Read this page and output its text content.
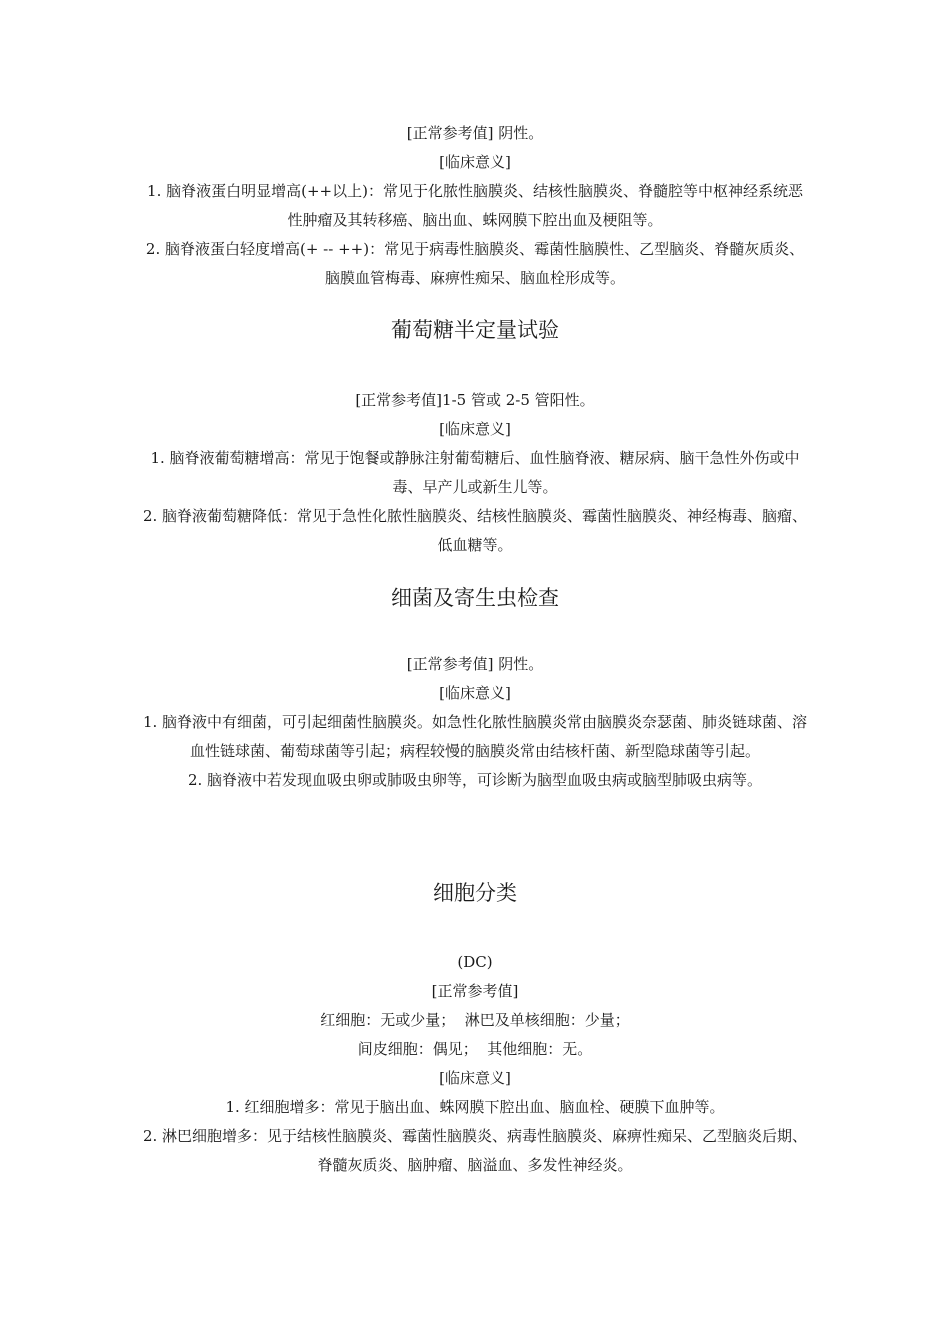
[正常参考值] 阴性。

[临床意义]

1. 脑脊液蛋白明显增高(++以上)：常见于化脓性脑膜炎、结核性脑膜炎、脊髓腔等中枢神经系统恶性肿瘤及其转移癌、脑出血、蛛网膜下腔出血及梗阻等。

2. 脑脊液蛋白轻度增高(+ -- ++)：常见于病毒性脑膜炎、霉菌性脑膜性、乙型脑炎、脊髓灰质炎、脑膜血管梅毒、麻痹性痴呆、脑血栓形成等。

葡萄糖半定量试验

[正常参考值]1-5 管或 2-5 管阳性。

[临床意义]

1. 脑脊液葡萄糖增高：常见于饱餐或静脉注射葡萄糖后、血性脑脊液、糖尿病、脑干急性外伤或中毒、早产儿或新生儿等。

2. 脑脊液葡萄糖降低：常见于急性化脓性脑膜炎、结核性脑膜炎、霉菌性脑膜炎、神经梅毒、脑瘤、低血糖等。

细菌及寄生虫检查

[正常参考值] 阴性。

[临床意义]

1. 脑脊液中有细菌，可引起细菌性脑膜炎。如急性化脓性脑膜炎常由脑膜炎奈瑟菌、肺炎链球菌、溶血性链球菌、葡萄球菌等引起；病程较慢的脑膜炎常由结核杆菌、新型隐球菌等引起。

2. 脑脊液中若发现血吸虫卵或肺吸虫卵等，可诊断为脑型血吸虫病或脑型肺吸虫病等。

细胞分类

(DC)

[正常参考值]

红细胞：无或少量；  淋巴及单核细胞：少量；

间皮细胞：偶见；  其他细胞：无。

[临床意义]

1. 红细胞增多：常见于脑出血、蛛网膜下腔出血、脑血栓、硬膜下血肿等。

2. 淋巴细胞增多：见于结核性脑膜炎、霉菌性脑膜炎、病毒性脑膜炎、麻痹性痴呆、乙型脑炎后期、脊髓灰质炎、脑肿瘤、脑溢血、多发性神经炎。
